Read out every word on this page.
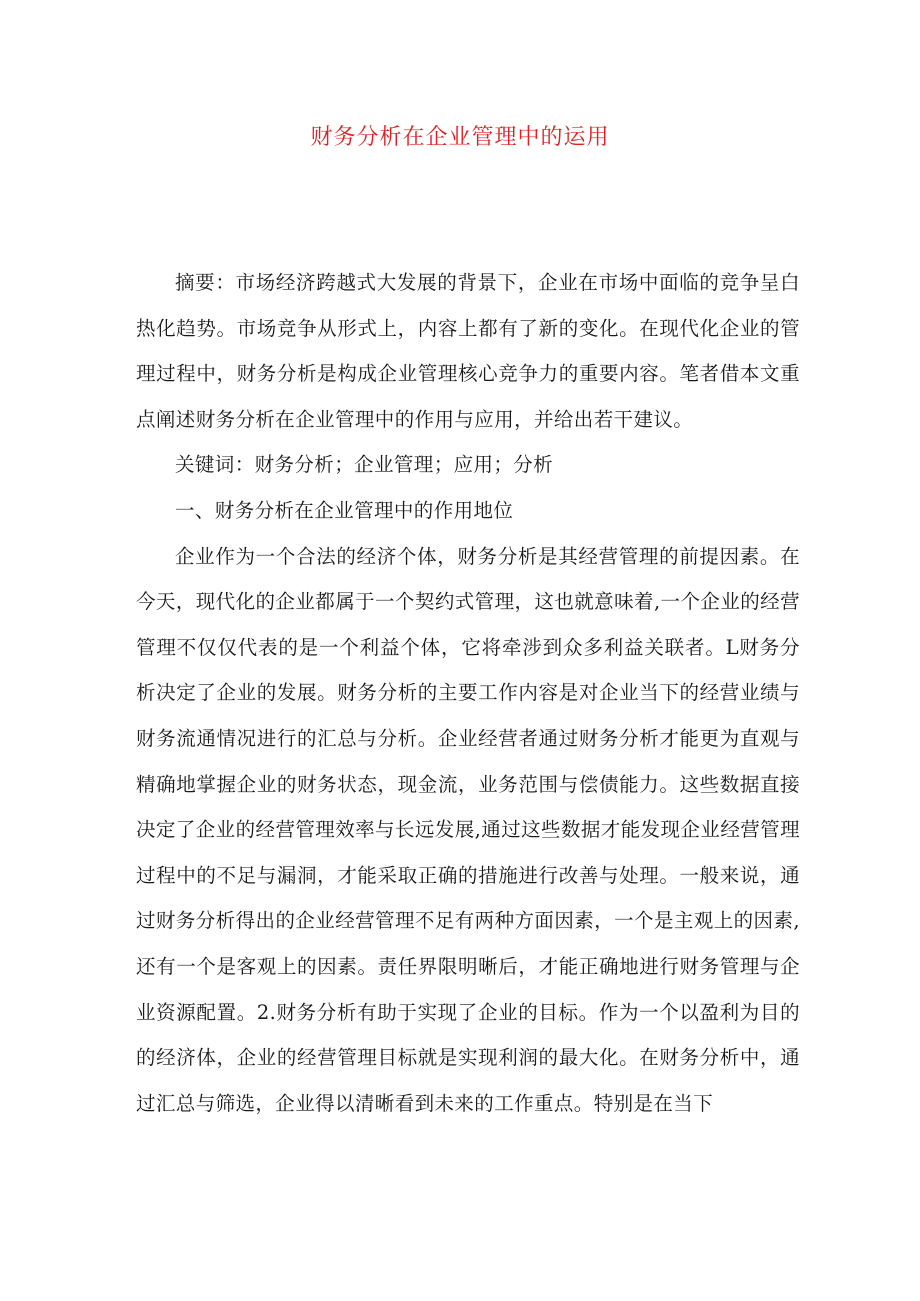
财务分析在企业管理中的运用

摘要：市场经济跨越式大发展的背景下，企业在市场中面临的竞争呈白热化趋势。市场竞争从形式上，内容上都有了新的变化。在现代化企业的管理过程中，财务分析是构成企业管理核心竞争力的重要内容。笔者借本文重点阐述财务分析在企业管理中的作用与应用，并给出若干建议。

关键词：财务分析；企业管理；应用；分析

一、财务分析在企业管理中的作用地位

企业作为一个合法的经济个体，财务分析是其经营管理的前提因素。在今天，现代化的企业都属于一个契约式管理，这也就意味着,一个企业的经营管理不仅仅代表的是一个利益个体，它将牵涉到众多利益关联者。L财务分析决定了企业的发展。财务分析的主要工作内容是对企业当下的经营业绩与财务流通情况进行的汇总与分析。企业经营者通过财务分析才能更为直观与精确地掌握企业的财务状态，现金流，业务范围与偿债能力。这些数据直接决定了企业的经营管理效率与长远发展,通过这些数据才能发现企业经营管理过程中的不足与漏洞，才能采取正确的措施进行改善与处理。一般来说，通过财务分析得出的企业经营管理不足有两种方面因素，一个是主观上的因素,还有一个是客观上的因素。责任界限明晰后，才能正确地进行财务管理与企业资源配置。2.财务分析有助于实现了企业的目标。作为一个以盈利为目的的经济体，企业的经营管理目标就是实现利润的最大化。在财务分析中，通过汇总与筛选，企业得以清晰看到未来的工作重点。特别是在当下
